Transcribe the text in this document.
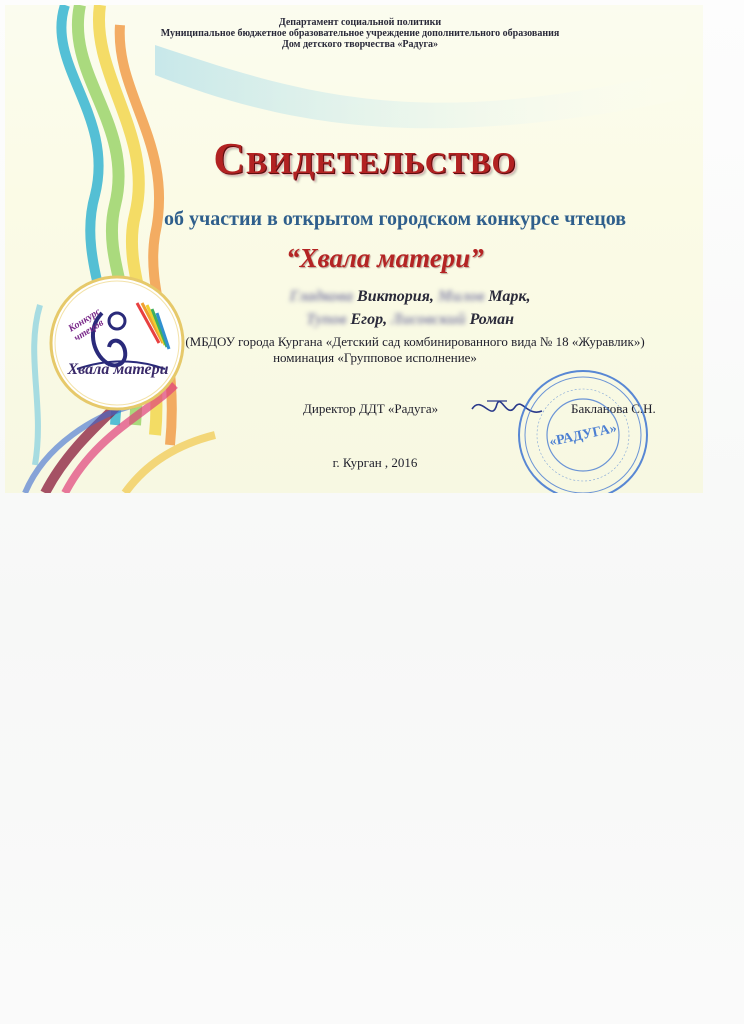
Департамент социальной политики
Муниципальное бюджетное образовательное учреждение дополнительного образования
Дом детского творчества «Радуга»
Свидетельство
об участии в открытом городском конкурсе чтецов
“Хвала матери”
Гладкова Виктория, Милов Марк,
Тупов Егор, Лисовский Роман
(МБДОУ города Кургана «Детский сад комбинированного вида № 18 «Журавлик»)
номинация «Групповое исполнение»
Директор ДДТ «Радуга»	Бакланова С.Н.
«РАДУГА»
г. Курган , 2016
Конкурс чтецов
Хвала матери
